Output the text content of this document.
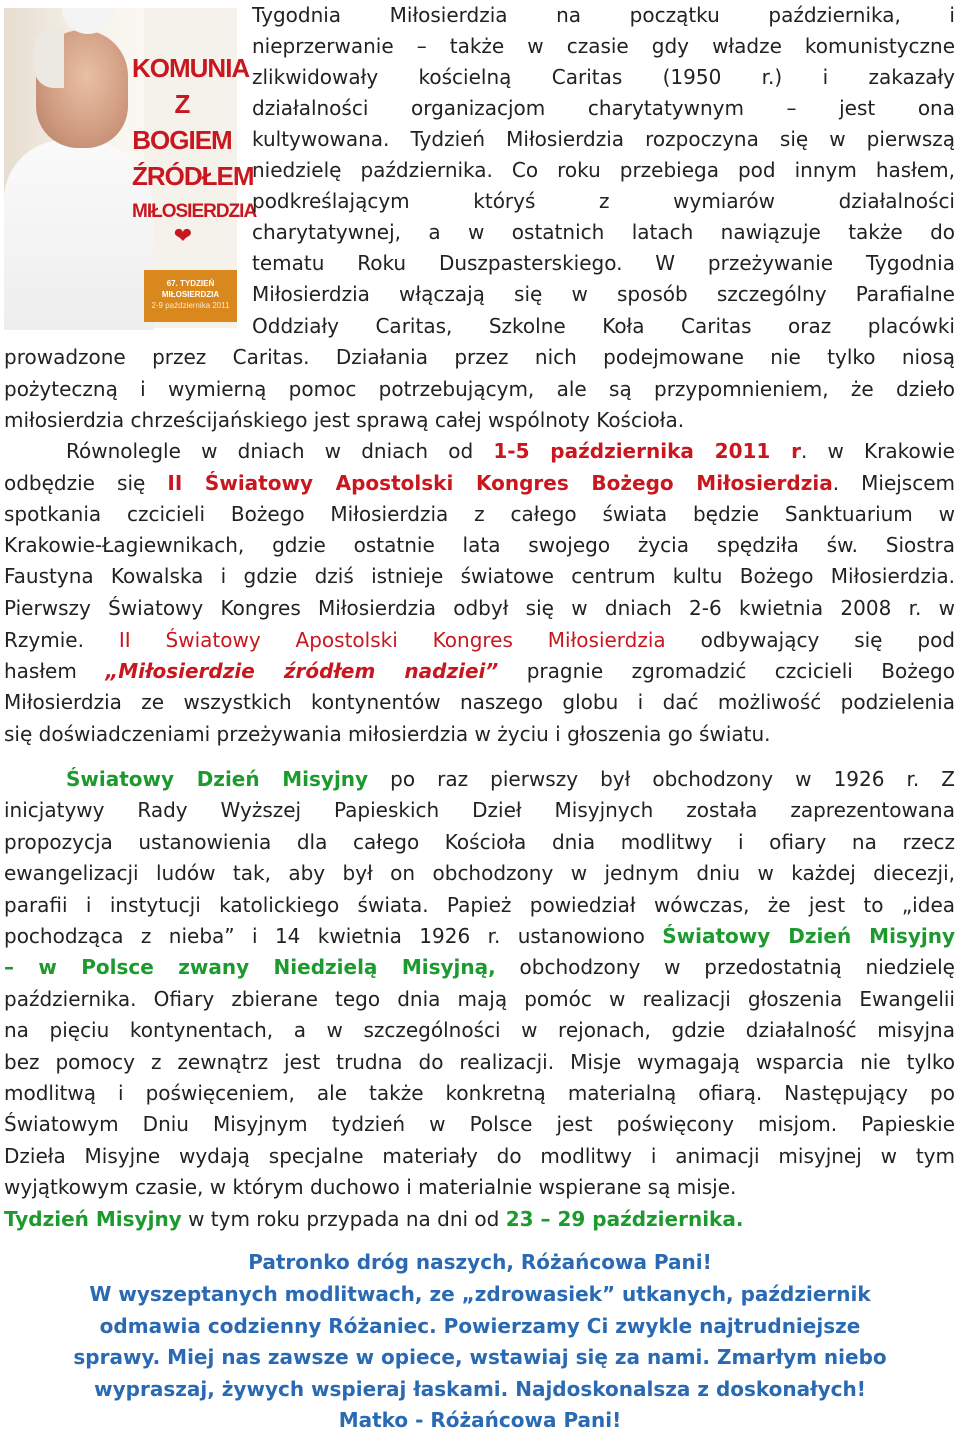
KOMUNIA
Z BOGIEM
ŹRÓDŁEM
MIŁOSIERDZIA
❤
67. TYDZIEŃ MIŁOSIERDZIA
2-9 października 2011
Tygodnia Miłosierdzia na początku października, i
nieprzerwanie – także w czasie gdy władze komunistyczne
zlikwidowały kościelną Caritas (1950 r.) i zakazały
działalności organizacjom charytatywnym – jest ona
kultywowana. Tydzień Miłosierdzia rozpoczyna się w pierwszą
niedzielę października. Co roku przebiega pod innym hasłem,
podkreślającym któryś z wymiarów działalności
charytatywnej, a w ostatnich latach nawiązuje także do
tematu Roku Duszpasterskiego. W przeżywanie Tygodnia
Miłosierdzia włączają się w sposób szczególny Parafialne
Oddziały Caritas, Szkolne Koła Caritas oraz placówki
prowadzone przez Caritas. Działania przez nich podejmowane nie tylko niosą
pożyteczną i wymierną pomoc potrzebującym, ale są przypomnieniem, że dzieło
miłosierdzia chrześcijańskiego jest sprawą całej wspólnoty Kościoła.
Równolegle w dniach w dniach od 1-5 października 2011 r. w Krakowie
odbędzie się II Światowy Apostolski Kongres Bożego Miłosierdzia. Miejscem
spotkania czcicieli Bożego Miłosierdzia z całego świata będzie Sanktuarium w
Krakowie-Łagiewnikach, gdzie ostatnie lata swojego życia spędziła św. Siostra
Faustyna Kowalska i gdzie dziś istnieje światowe centrum kultu Bożego Miłosierdzia.
Pierwszy Światowy Kongres Miłosierdzia odbył się w dniach 2-6 kwietnia 2008 r. w
Rzymie. II Światowy Apostolski Kongres Miłosierdzia odbywający się pod
hasłem „Miłosierdzie źródłem nadziei” pragnie zgromadzić czcicieli Bożego
Miłosierdzia ze wszystkich kontynentów naszego globu i dać możliwość podzielenia
się doświadczeniami przeżywania miłosierdzia w życiu i głoszenia go światu.
Światowy Dzień Misyjny po raz pierwszy był obchodzony w 1926 r. Z
inicjatywy Rady Wyższej Papieskich Dzieł Misyjnych została zaprezentowana
propozycja ustanowienia dla całego Kościoła dnia modlitwy i ofiary na rzecz
ewangelizacji ludów tak, aby był on obchodzony w jednym dniu w każdej diecezji,
parafii i instytucji katolickiego świata. Papież powiedział wówczas, że jest to „idea
pochodząca z nieba” i 14 kwietnia 1926 r. ustanowiono Światowy Dzień Misyjny
– w Polsce zwany Niedzielą Misyjną, obchodzony w przedostatnią niedzielę
października. Ofiary zbierane tego dnia mają pomóc w realizacji głoszenia Ewangelii
na pięciu kontynentach, a w szczególności w rejonach, gdzie działalność misyjna
bez pomocy z zewnątrz jest trudna do realizacji. Misje wymagają wsparcia nie tylko
modlitwą i poświęceniem, ale także konkretną materialną ofiarą. Następujący po
Światowym Dniu Misyjnym tydzień w Polsce jest poświęcony misjom. Papieskie
Dzieła Misyjne wydają specjalne materiały do modlitwy i animacji misyjnej w tym
wyjątkowym czasie, w którym duchowo i materialnie wspierane są misje.
Tydzień Misyjny w tym roku przypada na dni od 23 – 29 października.
Patronko dróg naszych, Różańcowa Pani!
W wyszeptanych modlitwach, ze „zdrowasiek” utkanych, październik
odmawia codzienny Różaniec. Powierzamy Ci zwykle najtrudniejsze
sprawy. Miej nas zawsze w opiece, wstawiaj się za nami. Zmarłym niebo
wypraszaj, żywych wspieraj łaskami. Najdoskonalsza z doskonałych!
Matko - Różańcowa Pani!
